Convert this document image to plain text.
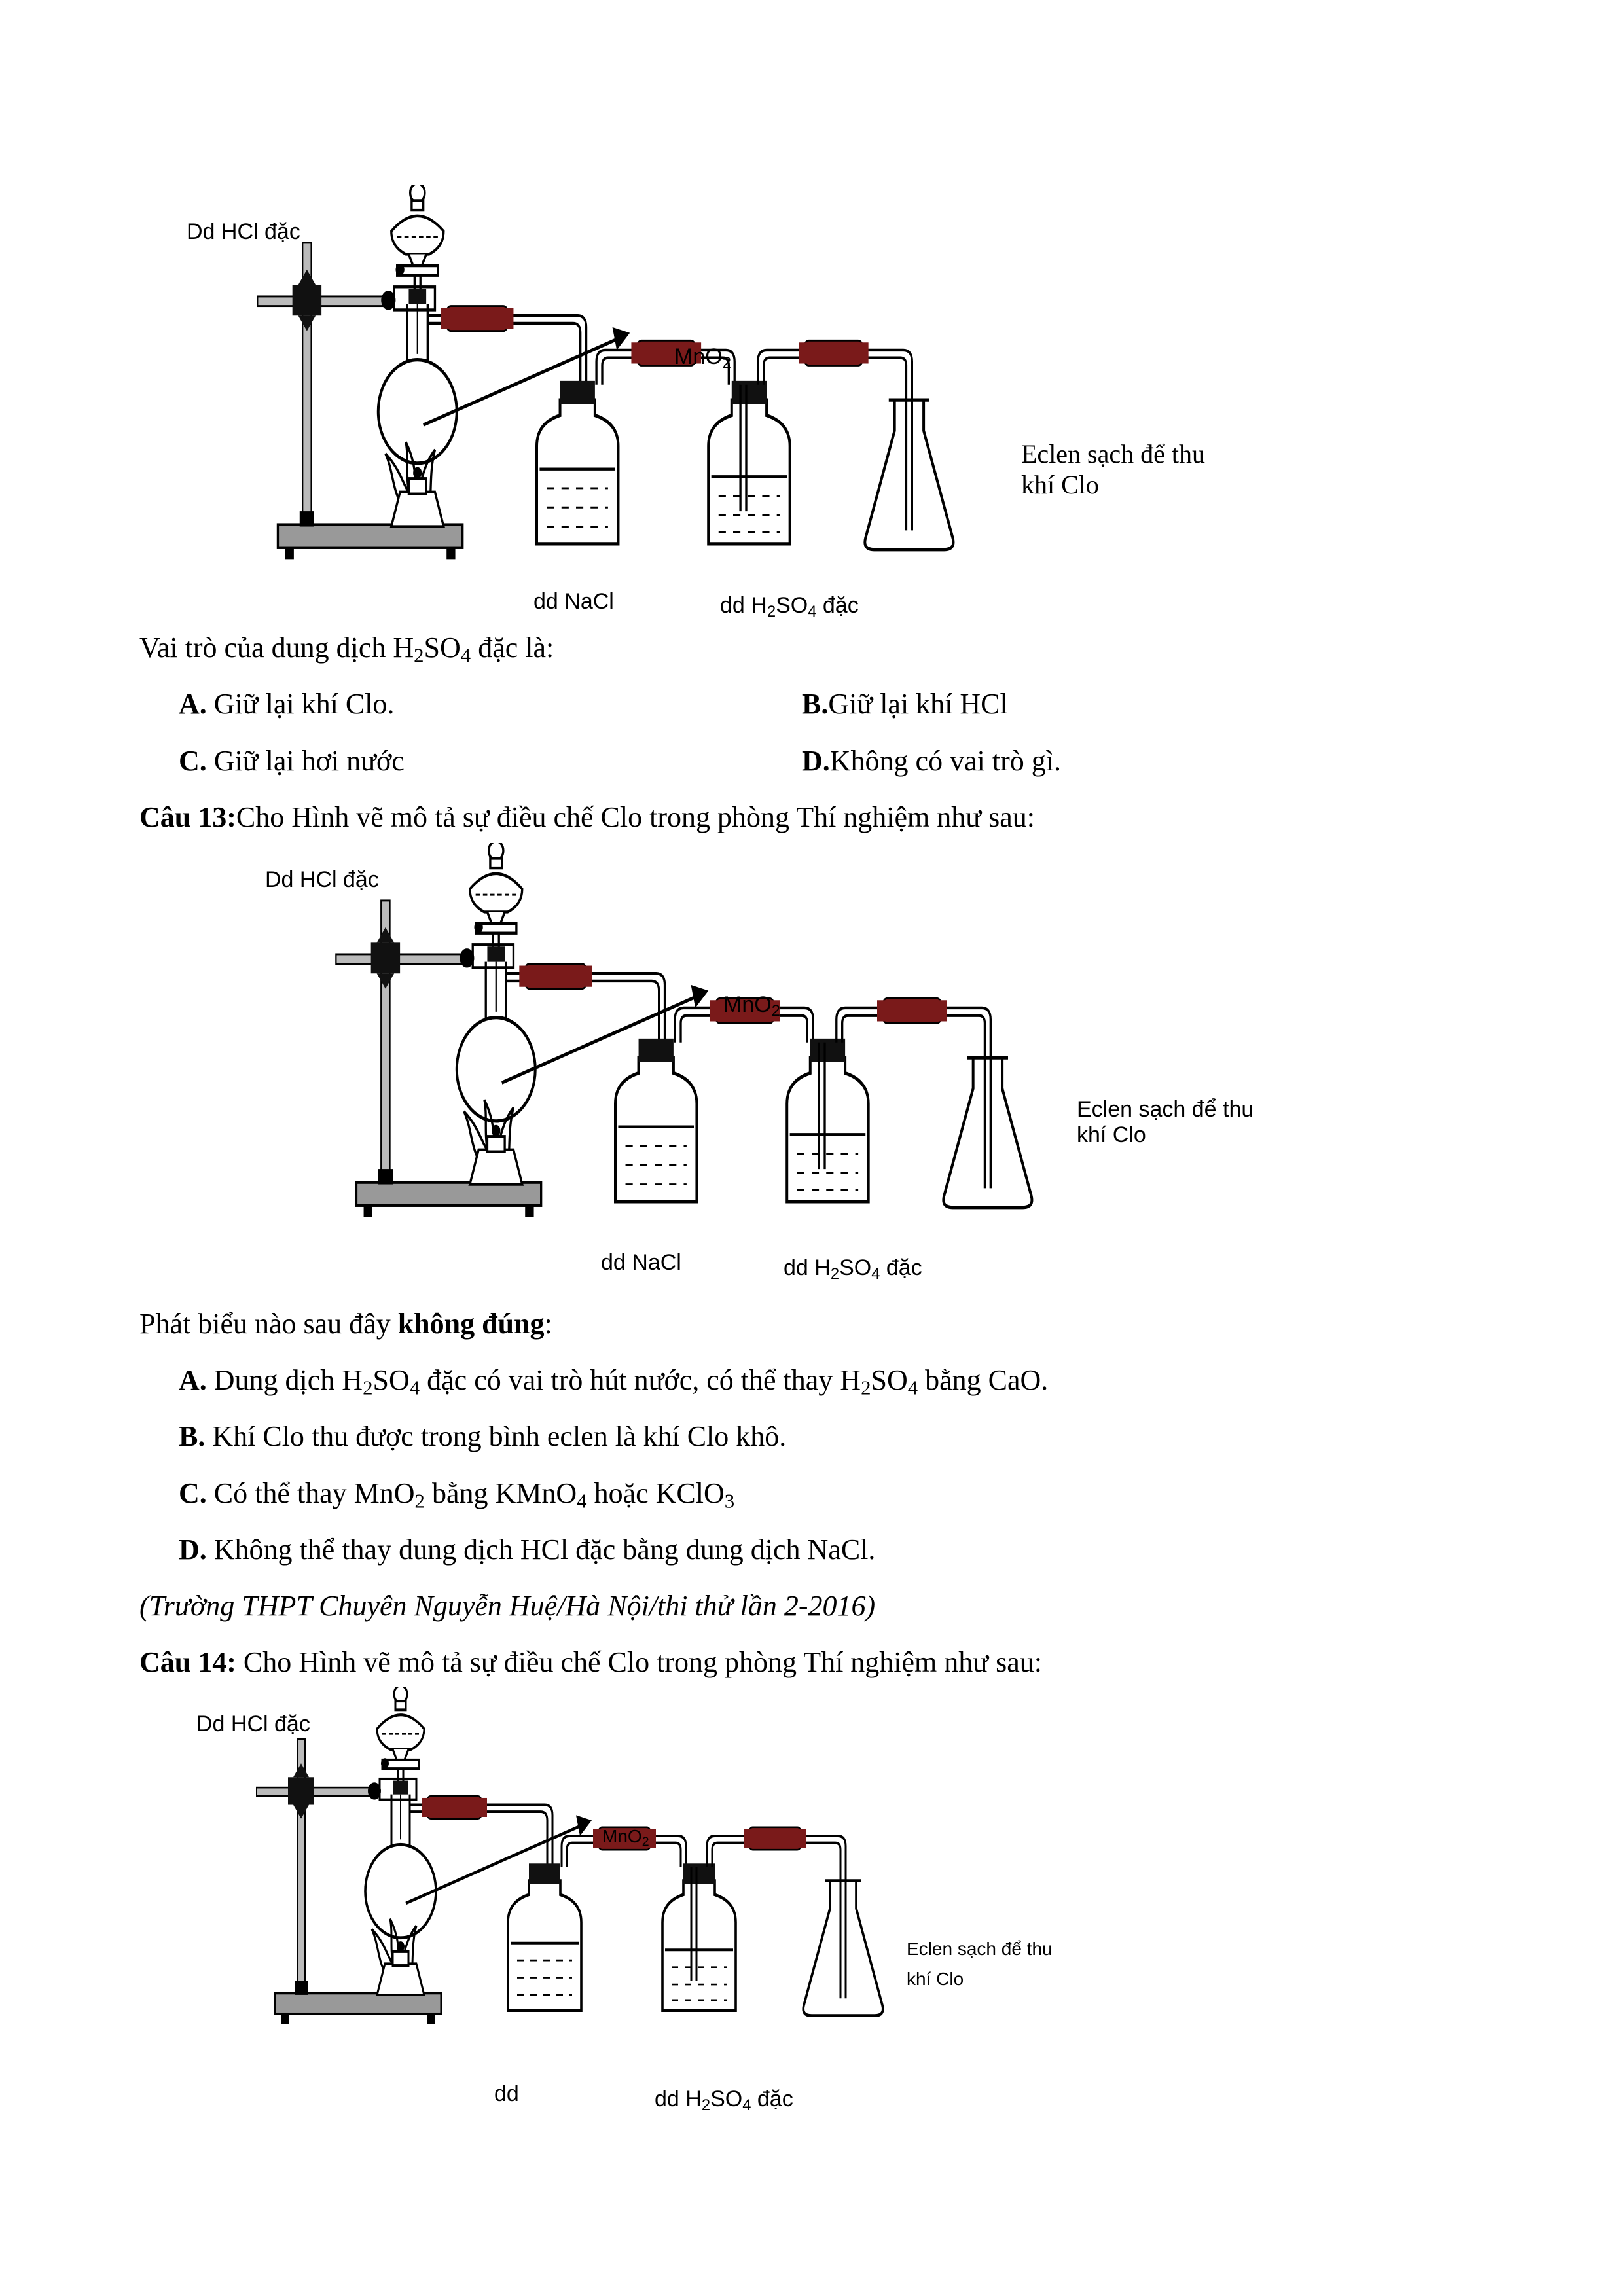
Dd HCl đặc
MnO$_2$
Eclen sạch để thu
khí Clo
dd NaCl	dd $H_2SO_4$ đặc
Vai trò của dung dịch $H_2SO_4$ đặc là:
A. Giữ lại khí Clo.	B.Giữ lại khí HCl
C. Giữ lại hơi nước	D.Không có vai trò gì.
Câu 13:Cho Hình vẽ mô tả sự điều chế Clo trong phòng Thí nghiệm như sau:
Dd HCl đặc
MnO$_2$
Eclen sạch để thu
khí Clo
dd NaCl	dd $H_2SO_4$ đặc
Phát biểu nào sau đây không đúng:
A. Dung dịch $H_2SO_4$ đặc có vai trò hút nước, có thể thay $H_2SO_4$ bằng CaO.
B. Khí Clo thu được trong bình eclen là khí Clo khô.
C. Có thể thay MnO$_2$ bằng KMnO$_4$ hoặc KClO$_3$
D. Không thể thay dung dịch HCl đặc bằng dung dịch NaCl.
(Trường THPT Chuyên Nguyễn Huệ/Hà Nội/thi thử lần 2-2016)
Câu 14: Cho Hình vẽ mô tả sự điều chế Clo trong phòng Thí nghiệm như sau:
Dd HCl đặc
MnO$_2$
Eclen sạch để thu
khí Clo
dd	dd $H_2SO_4$ đặc
